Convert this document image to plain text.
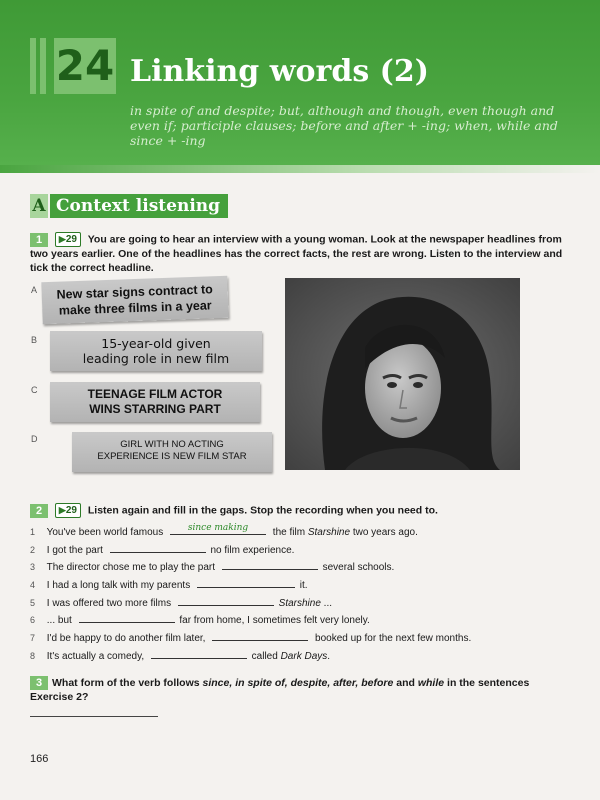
24 Linking words (2)
in spite of and despite; but, although and though, even though and even if; participle clauses; before and after + -ing; when, while and since + -ing
A Context listening
1 ▶29 You are going to hear an interview with a young woman. Look at the newspaper headlines from two years earlier. One of the headlines has the correct facts, the rest are wrong. Listen to the interview and tick the correct headline.
A	New star signs contract to
make three films in a year
B	15-year-old given
leading role in new film
C	TEENAGE FILM ACTOR
WINS STARRING PART
D	GIRL WITH NO ACTING
EXPERIENCE IS NEW FILM STAR
2 ▶29 Listen again and fill in the gaps. Stop the recording when you need to.
1 You've been world famous	since making	the film Starshine two years ago.
2 I got the part	no film experience.
3 The director chose me to play the part	several schools.
4 I had a long talk with my parents	it.
5 I was offered two more films	Starshine ...
6 ... but	far from home, I sometimes felt very lonely.
7 I'd be happy to do another film later,	booked up for the next few months.
8 It's actually a comedy,	called Dark Days.
3 What form of the verb follows since, in spite of, despite, after, before and while in the sentences
Exercise 2?
166
